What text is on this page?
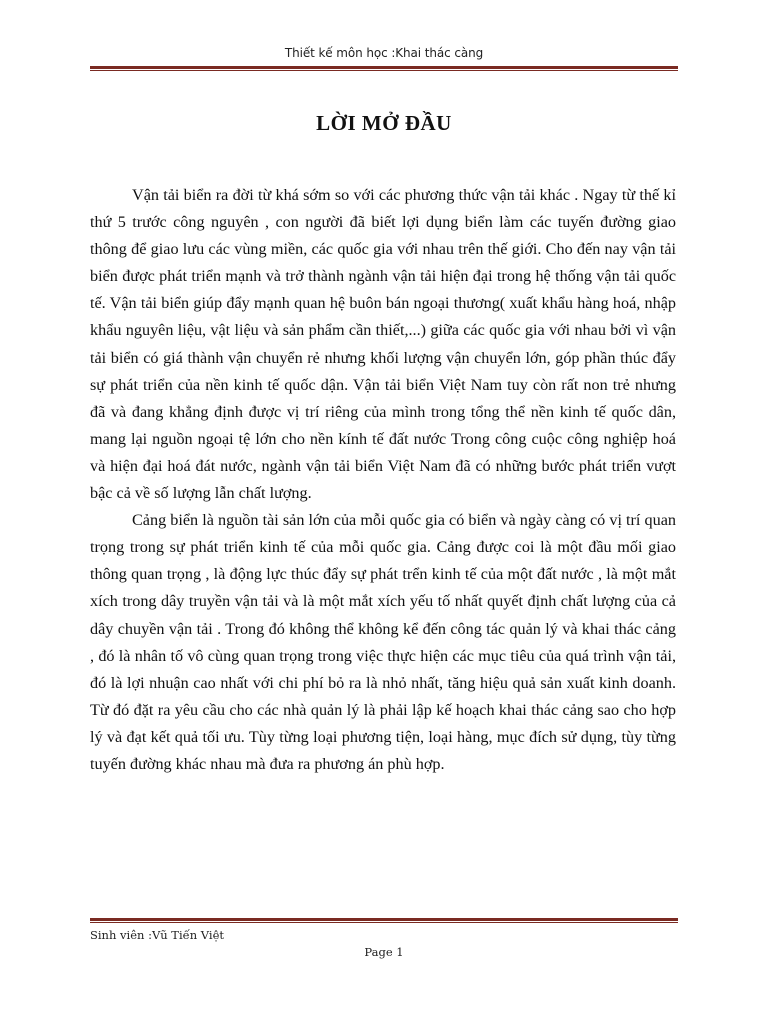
Thiết kế môn học :Khai thác càng
LỜI MỞ ĐẦU

Vận tải biển ra đời từ khá sớm so với các phương thức vận tải khác . Ngay từ thế kỉ thứ 5 trước công nguyên , con người đã biết lợi dụng biển làm các tuyến đường giao thông để giao lưu các vùng miền, các quốc gia với nhau trên thế giới. Cho đến nay vận tải biển được phát triển mạnh và trở thành ngành vận tải hiện đại trong hệ thống vận tải quốc tế. Vận tải biển giúp đẩy mạnh quan hệ buôn bán ngoại thương( xuất khẩu hàng hoá, nhập khẩu nguyên liệu, vật liệu và sản phẩm cần thiết,...) giữa các quốc gia với nhau bởi vì vận tải biển có giá thành vận chuyển rẻ nhưng khối lượng vận chuyển lớn, góp phần thúc đẩy sự phát triển của nền kinh tế quốc dận. Vận tải biển Việt Nam tuy còn rất non trẻ nhưng đã và đang khẳng định được vị trí riêng của mình trong tổng thể nền kinh tế quốc dân, mang lại nguồn ngoại tệ lớn cho nền kính tế đất nước Trong công cuộc công nghiệp hoá và hiện đại hoá đát nước, ngành vận tải biển Việt Nam đã có những bước phát triển vượt bậc cả về số lượng lẫn chất lượng.

Cảng biển là nguồn tài sản lớn của mỗi quốc gia có biển và ngày càng có vị trí quan trọng trong sự phát triển kinh tế của mỗi quốc gia. Cảng được coi là một đầu mối giao thông quan trọng , là động lực thúc đẩy sự phát trển kinh tế của một đất nước , là một mắt xích trong dây truyền vận tải và là một mắt xích yếu tố nhất quyết định chất lượng của cả dây chuyền vận tải . Trong đó không thể không kể đến công tác quản lý và khai thác cảng , đó là nhân tố vô cùng quan trọng trong việc thực hiện các mục tiêu của quá trình vận tải, đó là lợi nhuận cao nhất với chi phí bỏ ra là nhỏ nhất, tăng hiệu quả sản xuất kinh doanh. Từ đó đặt ra yêu cầu cho các nhà quản lý là phải lập kế hoạch khai thác cảng sao cho hợp lý và đạt kết quả tối ưu. Tùy từng loại phương tiện, loại hàng, mục đích sử dụng, tùy từng tuyến đường khác nhau mà đưa ra phương án phù hợp.

Sinh viên :Vũ Tiến Việt
Page 1
